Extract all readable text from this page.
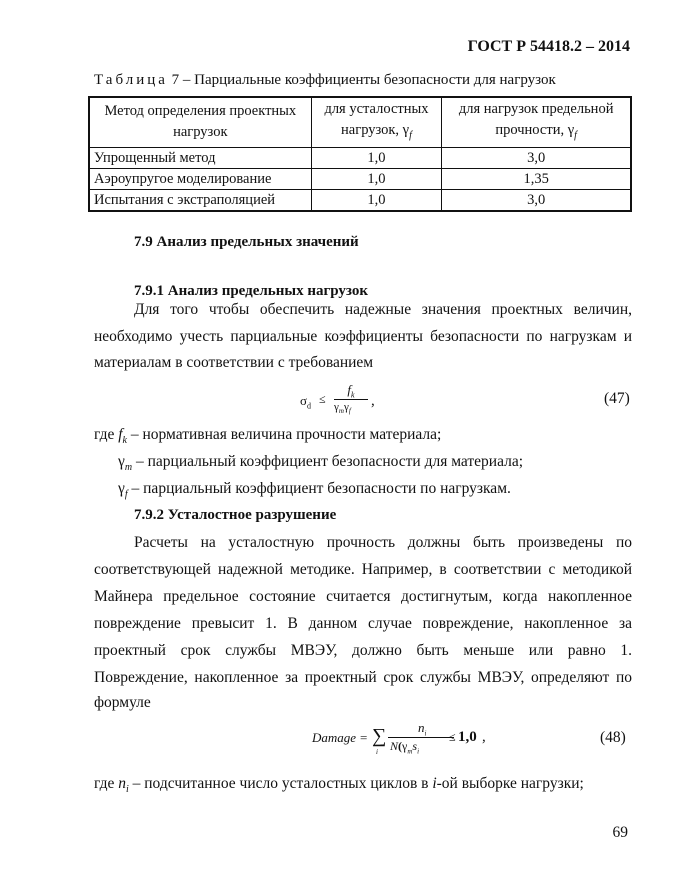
ГОСТ Р 54418.2 – 2014
Таблица 7 – Парциальные коэффициенты безопасности для нагрузок
Метод определения проектных нагрузок	для усталостных нагрузок, $\gamma_f$	для нагрузок предельной прочности, $\gamma_f$
Упрощенный метод	1,0	3,0
Аэроупругое моделирование	1,0	1,35
Испытания с экстраполяцией	1,0	3,0
7.9 Анализ предельных значений
7.9.1 Анализ предельных нагрузок
Для того чтобы обеспечить надежные значения проектных величин,
необходимо учесть парциальные коэффициенты безопасности по нагрузкам и
материалам в соответствии с требованием
$\sigma_d$
≤
$f_k$
$\gamma_m\gamma_f$
,	(47)
где $f_k$ – нормативная величина прочности материала;
$\gamma_m$ – парциальный коэффициент безопасности для материала;
$\gamma_f$ – парциальный коэффициент безопасности по нагрузкам.
7.9.2 Усталостное разрушение
Расчеты на усталостную прочность должны быть произведены по
соответствующей надежной методике. Например, в соответствии с методикой
Майнера предельное состояние считается достигнутым, когда накопленное
повреждение превысит 1. В данном случае повреждение, накопленное за
проектный срок службы МВЭУ, должно быть меньше или равно 1.
Повреждение, накопленное за проектный срок службы МВЭУ, определяют по
формуле
Damage = ∑
i
$n_i$
$N(\gamma_ms_i$
≤ 1,0 ,	(48)
где $n_i$ – подсчитанное число усталостных циклов в i-ой выборке нагрузки;
69
